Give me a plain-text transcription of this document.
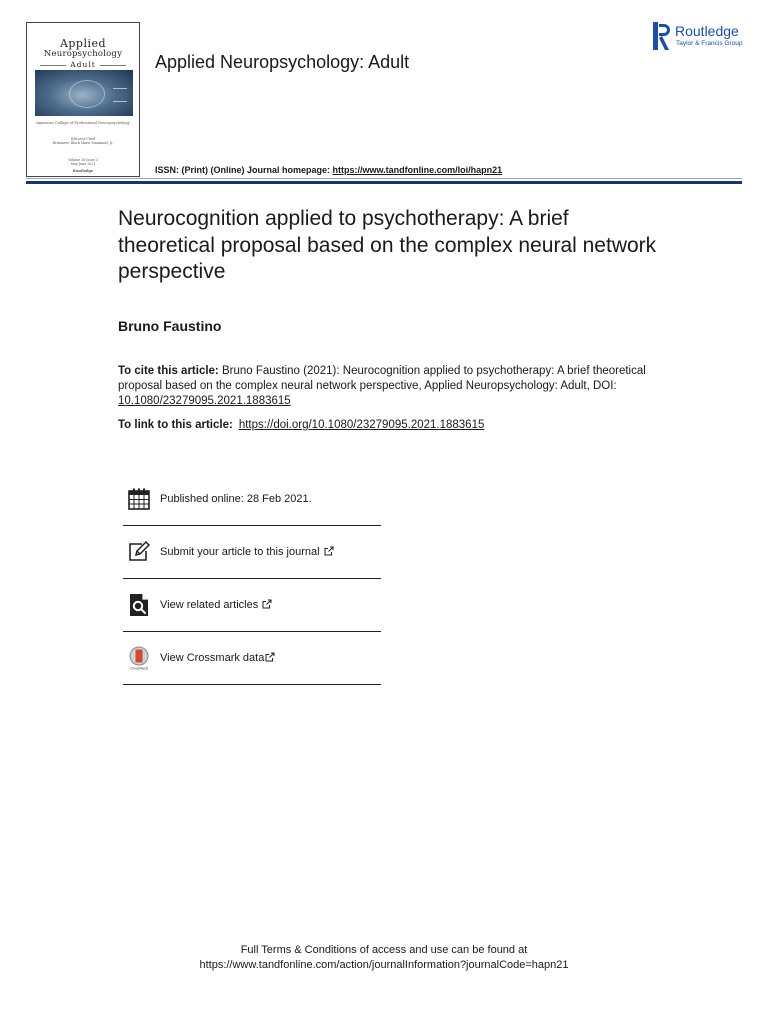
Applied
Neuropsychology
Adult
American College of Professional Neuropsychology
Editor-in-Chief
Brimmers, Black Marie Mammuel, Jr.
Volume 28 Issue 3
May-June 2021
Routledge
Applied Neuropsychology: Adult
Routledge
Taylor & Francis Group
ISSN: (Print) (Online) Journal homepage: https://www.tandfonline.com/loi/hapn21
Neurocognition applied to psychotherapy: A brief theoretical proposal based on the complex neural network perspective
Bruno Faustino
To cite this article: Bruno Faustino (2021): Neurocognition applied to psychotherapy: A brief theoretical proposal based on the complex neural network perspective, Applied Neuropsychology: Adult, DOI: 10.1080/23279095.2021.1883615
To link to this article: https://doi.org/10.1080/23279095.2021.1883615
Published online: 28 Feb 2021.
Submit your article to this journal
View related articles
CrossMark
View Crossmark data
Full Terms & Conditions of access and use can be found at
https://www.tandfonline.com/action/journalInformation?journalCode=hapn21
